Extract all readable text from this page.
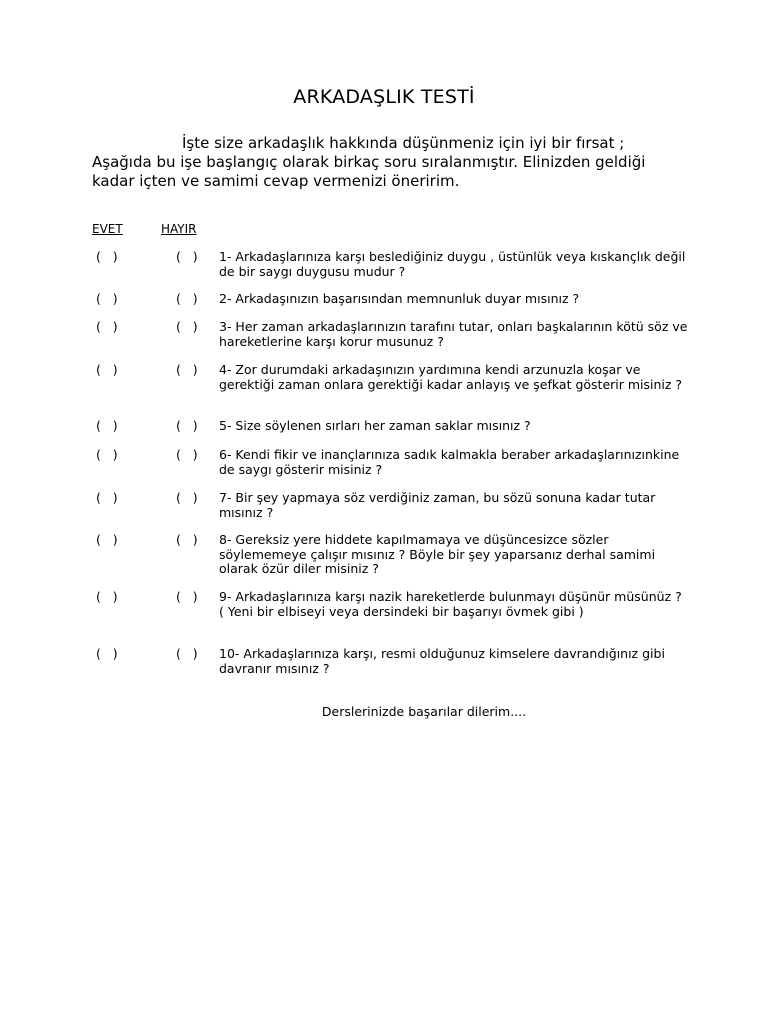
ARKADAŞLIK TESTİ
İşte size arkadaşlık hakkında düşünmeniz için iyi bir fırsat ;
Aşağıda bu işe başlangıç olarak birkaç soru sıralanmıştır. Elinizden geldiği
kadar içten ve samimi cevap vermenizi öneririm.
EVET	HAYIR
(   )	(   ) 1- Arkadaşlarınıza karşı beslediğiniz duygu , üstünlük veya kıskançlık değil de bir saygı duygusu mudur ?
(   )	(   ) 2- Arkadaşınızın başarısından memnunluk duyar mısınız ?
(   )	(   ) 3- Her zaman arkadaşlarınızın tarafını tutar, onları başkalarının kötü söz ve hareketlerine karşı korur musunuz ?
(   )	(   ) 4- Zor durumdaki arkadaşınızın yardımına kendi arzunuzla koşar ve gerektiği zaman onlara gerektiği kadar anlayış ve şefkat gösterir misiniz ?
(   )	(   ) 5- Size söylenen sırları her zaman saklar mısınız ?
(   )	(   ) 6- Kendi fikir ve inançlarınıza sadık kalmakla beraber arkadaşlarınızınkine de saygı gösterir misiniz ?
(   )	(   ) 7- Bir şey yapmaya söz verdiğiniz zaman, bu sözü sonuna kadar tutar mısınız ?
(   )	(   ) 8- Gereksiz yere hiddete kapılmamaya ve düşüncesizce sözler söylememeye çalışır mısınız ? Böyle bir şey yaparsanız derhal samimi olarak özür diler misiniz ?
(   )	(   ) 9- Arkadaşlarınıza karşı nazik hareketlerde bulunmayı düşünür müsünüz ?      ( Yeni bir elbiseyi veya dersindeki bir başarıyı övmek gibi )
(   )	(   ) 10- Arkadaşlarınıza karşı, resmi olduğunuz kimselere davrandığınız gibi davranır mısınız ?
Derslerinizde başarılar dilerim....
